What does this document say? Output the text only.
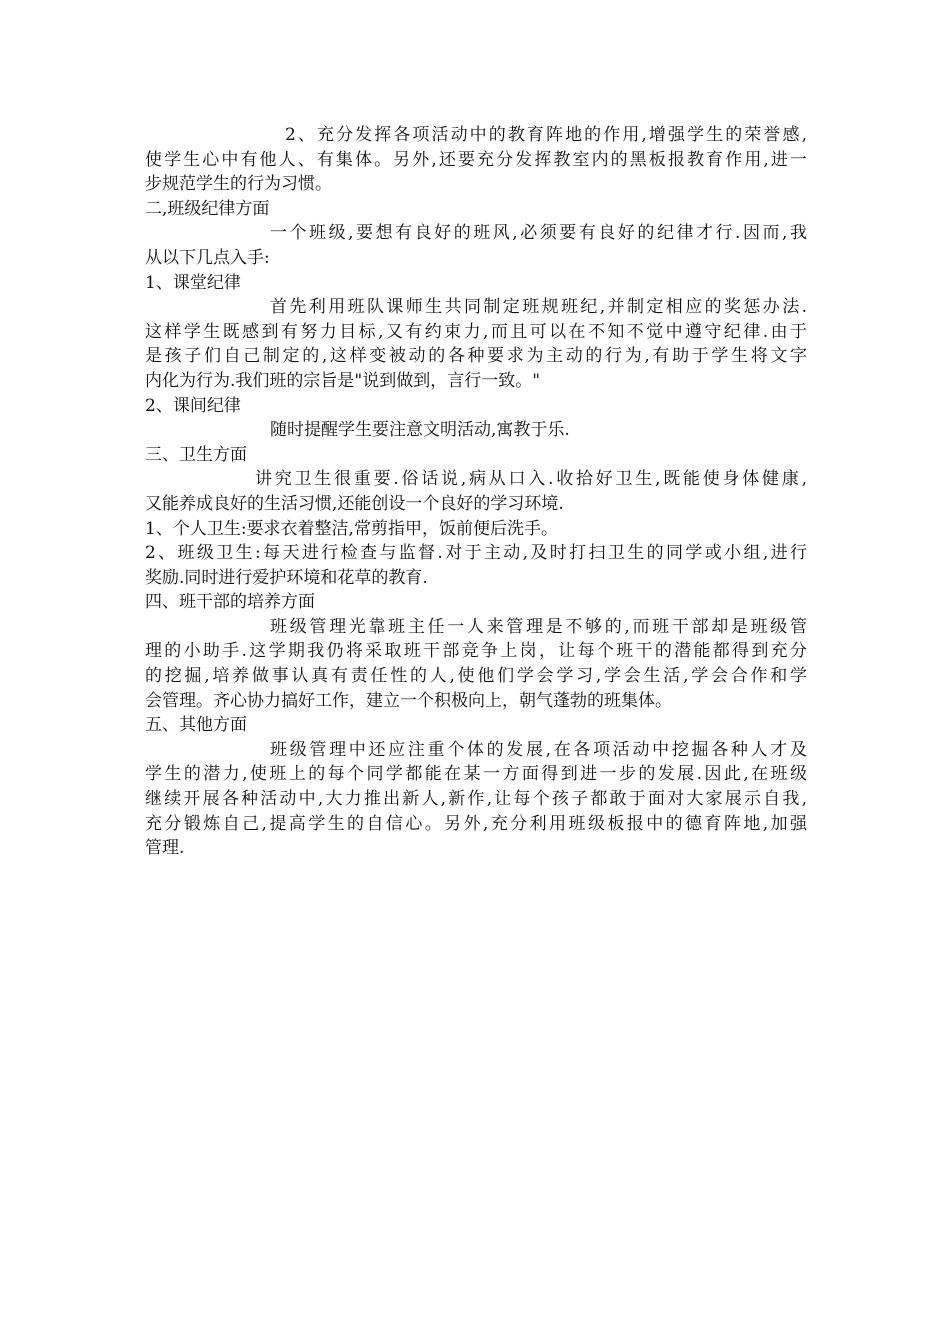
2、充分发挥各项活动中的教育阵地的作用,增强学生的荣誉感,
使学生心中有他人、有集体。另外,还要充分发挥教室内的黑板报教育作用,进一
步规范学生的行为习惯。
二,班级纪律方面
一个班级,要想有良好的班风,必须要有良好的纪律才行.因而,我
从以下几点入手:
1、课堂纪律
首先利用班队课师生共同制定班规班纪,并制定相应的奖惩办法.
这样学生既感到有努力目标,又有约束力,而且可以在不知不觉中遵守纪律.由于
是孩子们自己制定的,这样变被动的各种要求为主动的行为,有助于学生将文字
内化为行为.我们班的宗旨是"说到做到，言行一致。"
2、课间纪律
随时提醒学生要注意文明活动,寓教于乐.
三、卫生方面
讲究卫生很重要.俗话说,病从口入.收拾好卫生,既能使身体健康,
又能养成良好的生活习惯,还能创设一个良好的学习环境.
1、个人卫生:要求衣着整洁,常剪指甲，饭前便后洗手。
2、班级卫生:每天进行检查与监督.对于主动,及时打扫卫生的同学或小组,进行
奖励.同时进行爱护环境和花草的教育.
四、班干部的培养方面
班级管理光靠班主任一人来管理是不够的,而班干部却是班级管
理的小助手.这学期我仍将采取班干部竞争上岗，让每个班干的潜能都得到充分
的挖掘,培养做事认真有责任性的人,使他们学会学习,学会生活,学会合作和学
会管理。齐心协力搞好工作，建立一个积极向上，朝气蓬勃的班集体。
五、其他方面
班级管理中还应注重个体的发展,在各项活动中挖掘各种人才及
学生的潜力,使班上的每个同学都能在某一方面得到进一步的发展.因此,在班级
继续开展各种活动中,大力推出新人,新作,让每个孩子都敢于面对大家展示自我,
充分锻炼自己,提高学生的自信心。另外,充分利用班级板报中的德育阵地,加强
管理.
